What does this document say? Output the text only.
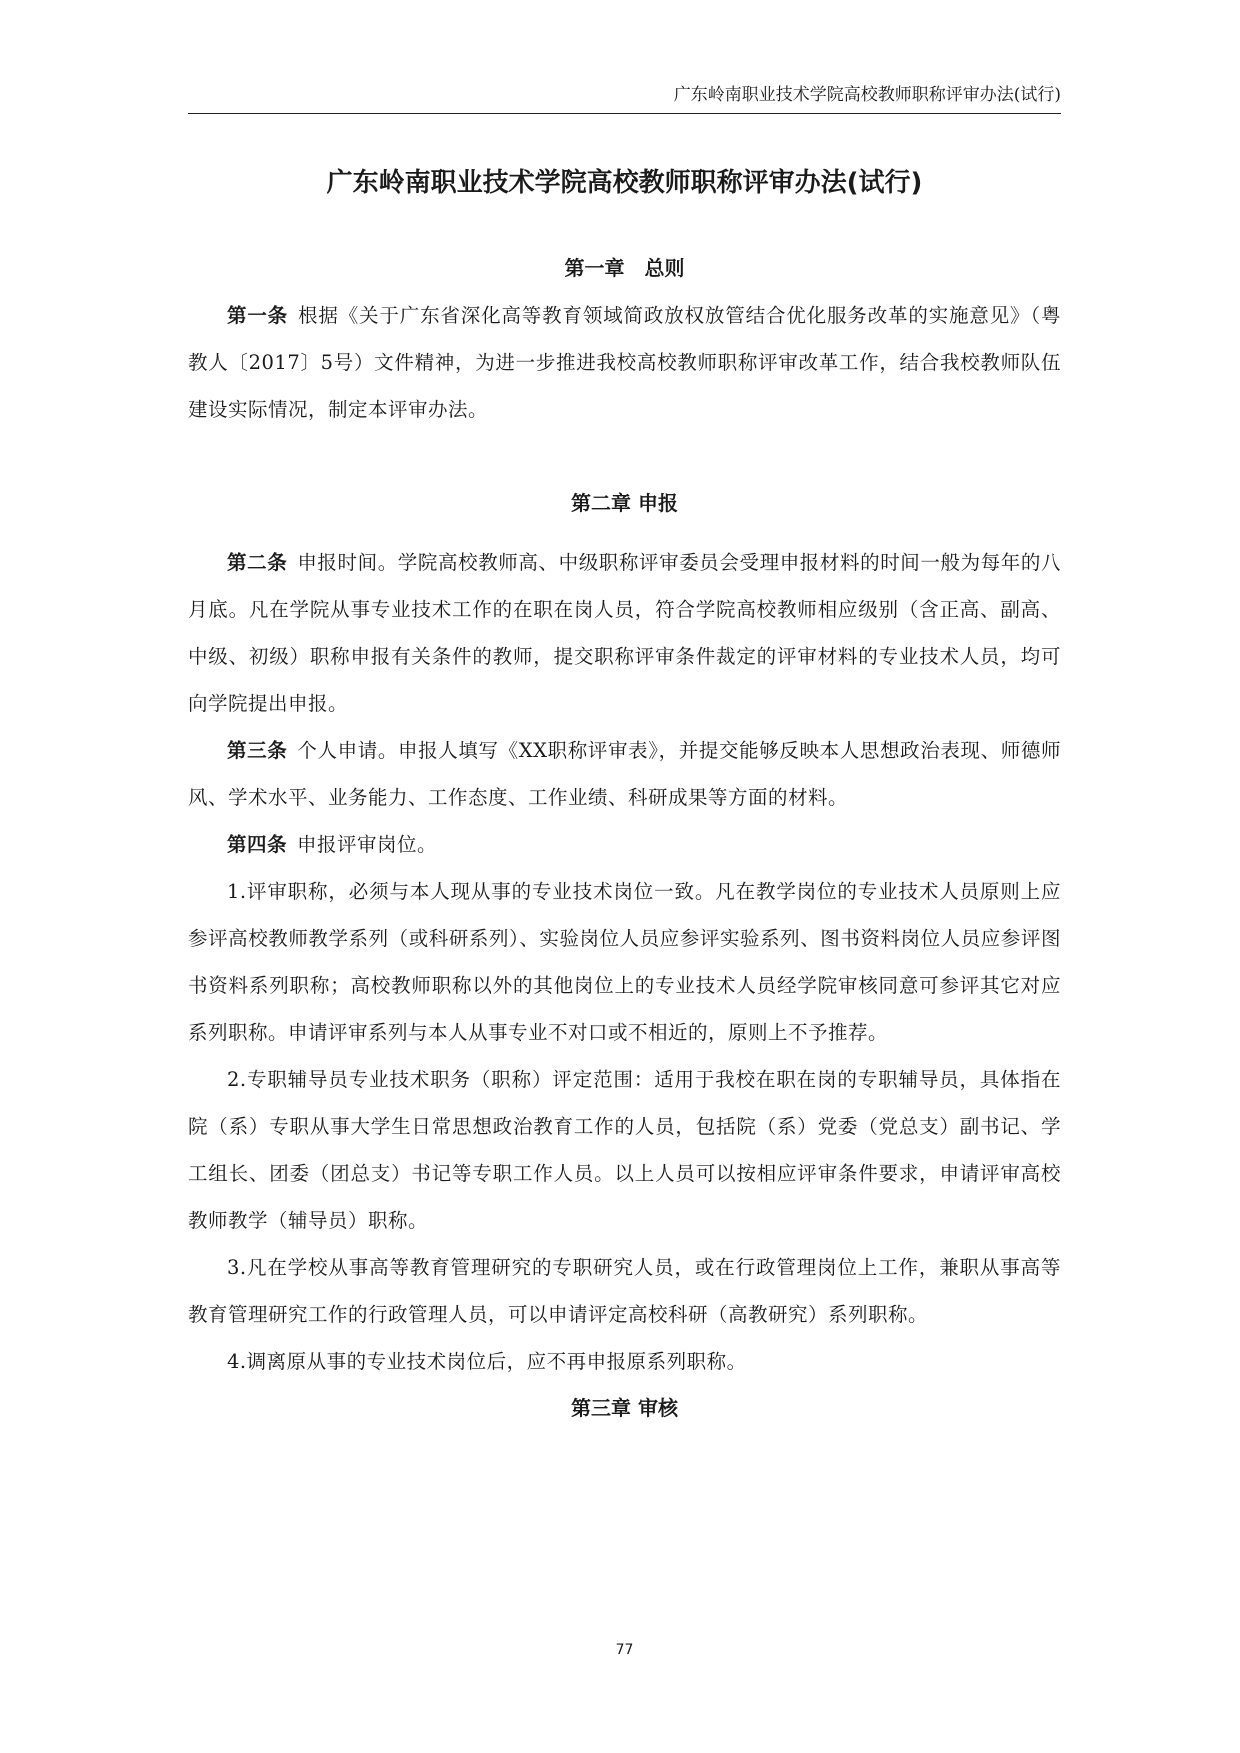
广东岭南职业技术学院高校教师职称评审办法(试行)
广东岭南职业技术学院高校教师职称评审办法(试行)
第一章　总则

第一条 根据《关于广东省深化高等教育领域简政放权放管结合优化服务改革的实施意见》（粤教人〔2017〕5号）文件精神，为进一步推进我校高校教师职称评审改革工作，结合我校教师队伍建设实际情况，制定本评审办法。

第二章 申报

第二条 申报时间。学院高校教师高、中级职称评审委员会受理申报材料的时间一般为每年的八月底。凡在学院从事专业技术工作的在职在岗人员，符合学院高校教师相应级别（含正高、副高、中级、初级）职称申报有关条件的教师，提交职称评审条件裁定的评审材料的专业技术人员，均可向学院提出申报。

第三条 个人申请。申报人填写《XX职称评审表》，并提交能够反映本人思想政治表现、师德师风、学术水平、业务能力、工作态度、工作业绩、科研成果等方面的材料。

第四条 申报评审岗位。

1.评审职称，必须与本人现从事的专业技术岗位一致。凡在教学岗位的专业技术人员原则上应参评高校教师教学系列（或科研系列）、实验岗位人员应参评实验系列、图书资料岗位人员应参评图书资料系列职称；高校教师职称以外的其他岗位上的专业技术人员经学院审核同意可参评其它对应系列职称。申请评审系列与本人从事专业不对口或不相近的，原则上不予推荐。

2.专职辅导员专业技术职务（职称）评定范围：适用于我校在职在岗的专职辅导员，具体指在院（系）专职从事大学生日常思想政治教育工作的人员，包括院（系）党委（党总支）副书记、学工组长、团委（团总支）书记等专职工作人员。以上人员可以按相应评审条件要求，申请评审高校教师教学（辅导员）职称。

3.凡在学校从事高等教育管理研究的专职研究人员，或在行政管理岗位上工作，兼职从事高等教育管理研究工作的行政管理人员，可以申请评定高校科研（高教研究）系列职称。

4.调离原从事的专业技术岗位后，应不再申报原系列职称。

第三章 审核
77
